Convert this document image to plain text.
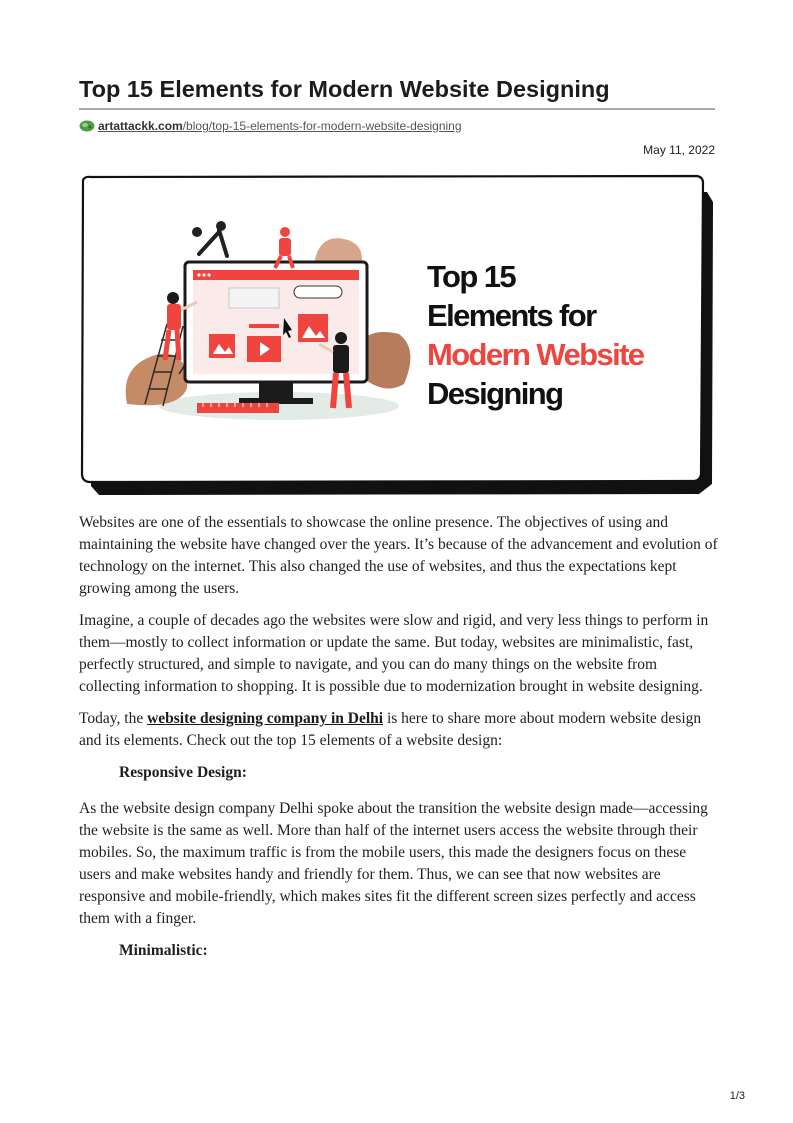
Top 15 Elements for Modern Website Designing
artattackk.com/blog/top-15-elements-for-modern-website-designing
May 11, 2022
Top 15
Elements for
Modern Website
Designing

Websites are one of the essentials to showcase the online presence. The objectives of using and maintaining the website have changed over the years. It’s because of the advancement and evolution of technology on the internet. This also changed the use of websites, and thus the expectations kept growing among the users.

Imagine, a couple of decades ago the websites were slow and rigid, and very less things to perform in them—mostly to collect information or update the same. But today, websites are minimalistic, fast, perfectly structured, and simple to navigate, and you can do many things on the website from collecting information to shopping. It is possible due to modernization brought in website designing.

Today, the website designing company in Delhi is here to share more about modern website design and its elements. Check out the top 15 elements of a website design:

Responsive Design:

As the website design company Delhi spoke about the transition the website design made—accessing the website is the same as well. More than half of the internet users access the website through their mobiles. So, the maximum traffic is from the mobile users, this made the designers focus on these users and make websites handy and friendly for them. Thus, we can see that now websites are responsive and mobile-friendly, which makes sites fit the different screen sizes perfectly and access them with a finger.

Minimalistic:

1/3
